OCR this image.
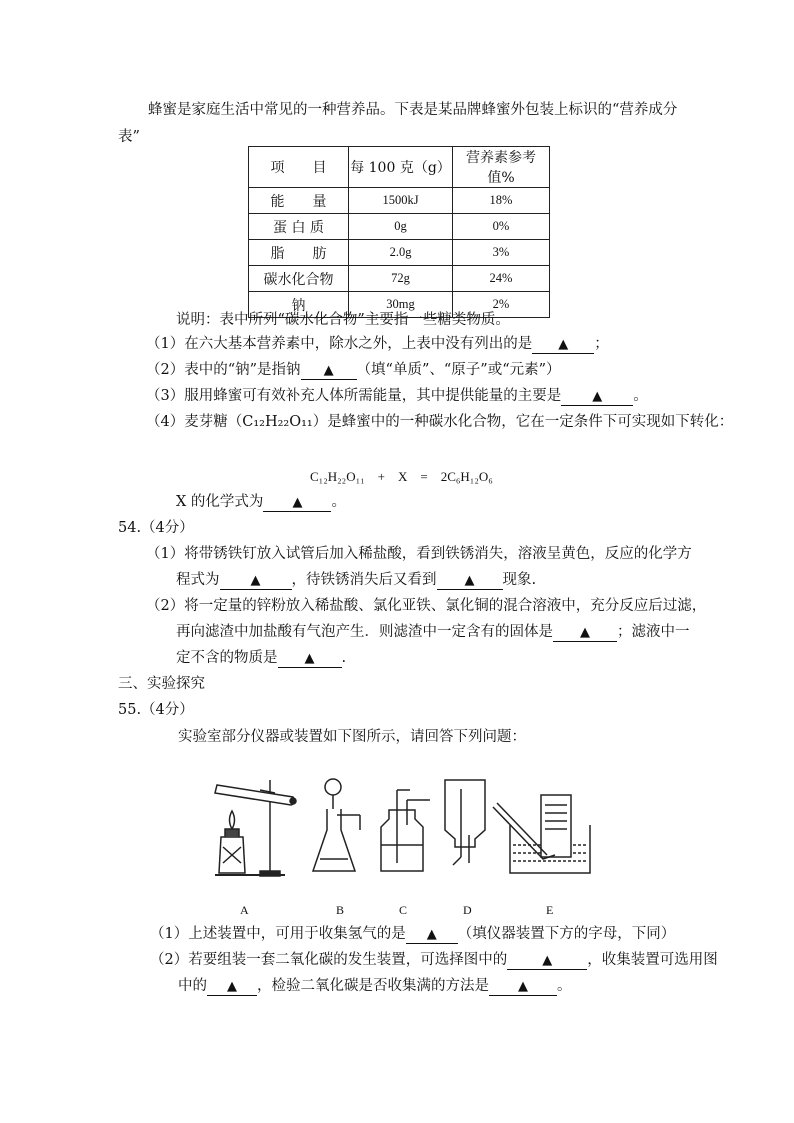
蜂蜜是家庭生活中常见的一种营养品。下表是某品牌蜂蜜外包装上标识的“营养成分
表”
项　　目	每 100 克（g）	营养素参考值%
能　　量	1500kJ	18%
蛋 白 质	0g	0%
脂　　肪	2.0g	3%
碳水化合物	72g	24%
钠	30mg	2%
说明：表中所列“碳水化合物”主要指一些糖类物质。
（1）在六大基本营养素中，除水之外，上表中没有列出的是 ▲ ；
（2）表中的“钠”是指钠 ▲ （填“单质”、“原子”或“元素”）
（3）服用蜂蜜可有效补充人体所需能量，其中提供能量的主要是 ▲ 。
（4）麦芽糖（C₁₂H₂₂O₁₁）是蜂蜜中的一种碳水化合物，它在一定条件下可实现如下转化：
C₁₂H₂₂O₁₁　+　X　=　2C₆H₁₂O₆
X 的化学式为 ▲ 。
54.（4分）
（1）将带锈铁钉放入试管后加入稀盐酸，看到铁锈消失，溶液呈黄色，反应的化学方
程式为 ▲ ，待铁锈消失后又看到 ▲ 现象.
（2）将一定量的锌粉放入稀盐酸、氯化亚铁、氯化铜的混合溶液中，充分反应后过滤，
再向滤渣中加盐酸有气泡产生．则滤渣中一定含有的固体是 ▲ ；滤液中一
定不含的物质是 ▲ .
三、实验探究
55.（4分）
实验室部分仪器或装置如下图所示，请回答下列问题：
A	B	C	D	E
（1）上述装置中，可用于收集氢气的是 ▲ （填仪器装置下方的字母，下同）
（2）若要组装一套二氧化碳的发生装置，可选择图中的	▲ ，收集装置可选用图
中的 ▲ ，检验二氧化碳是否收集满的方法是 ▲ 。
